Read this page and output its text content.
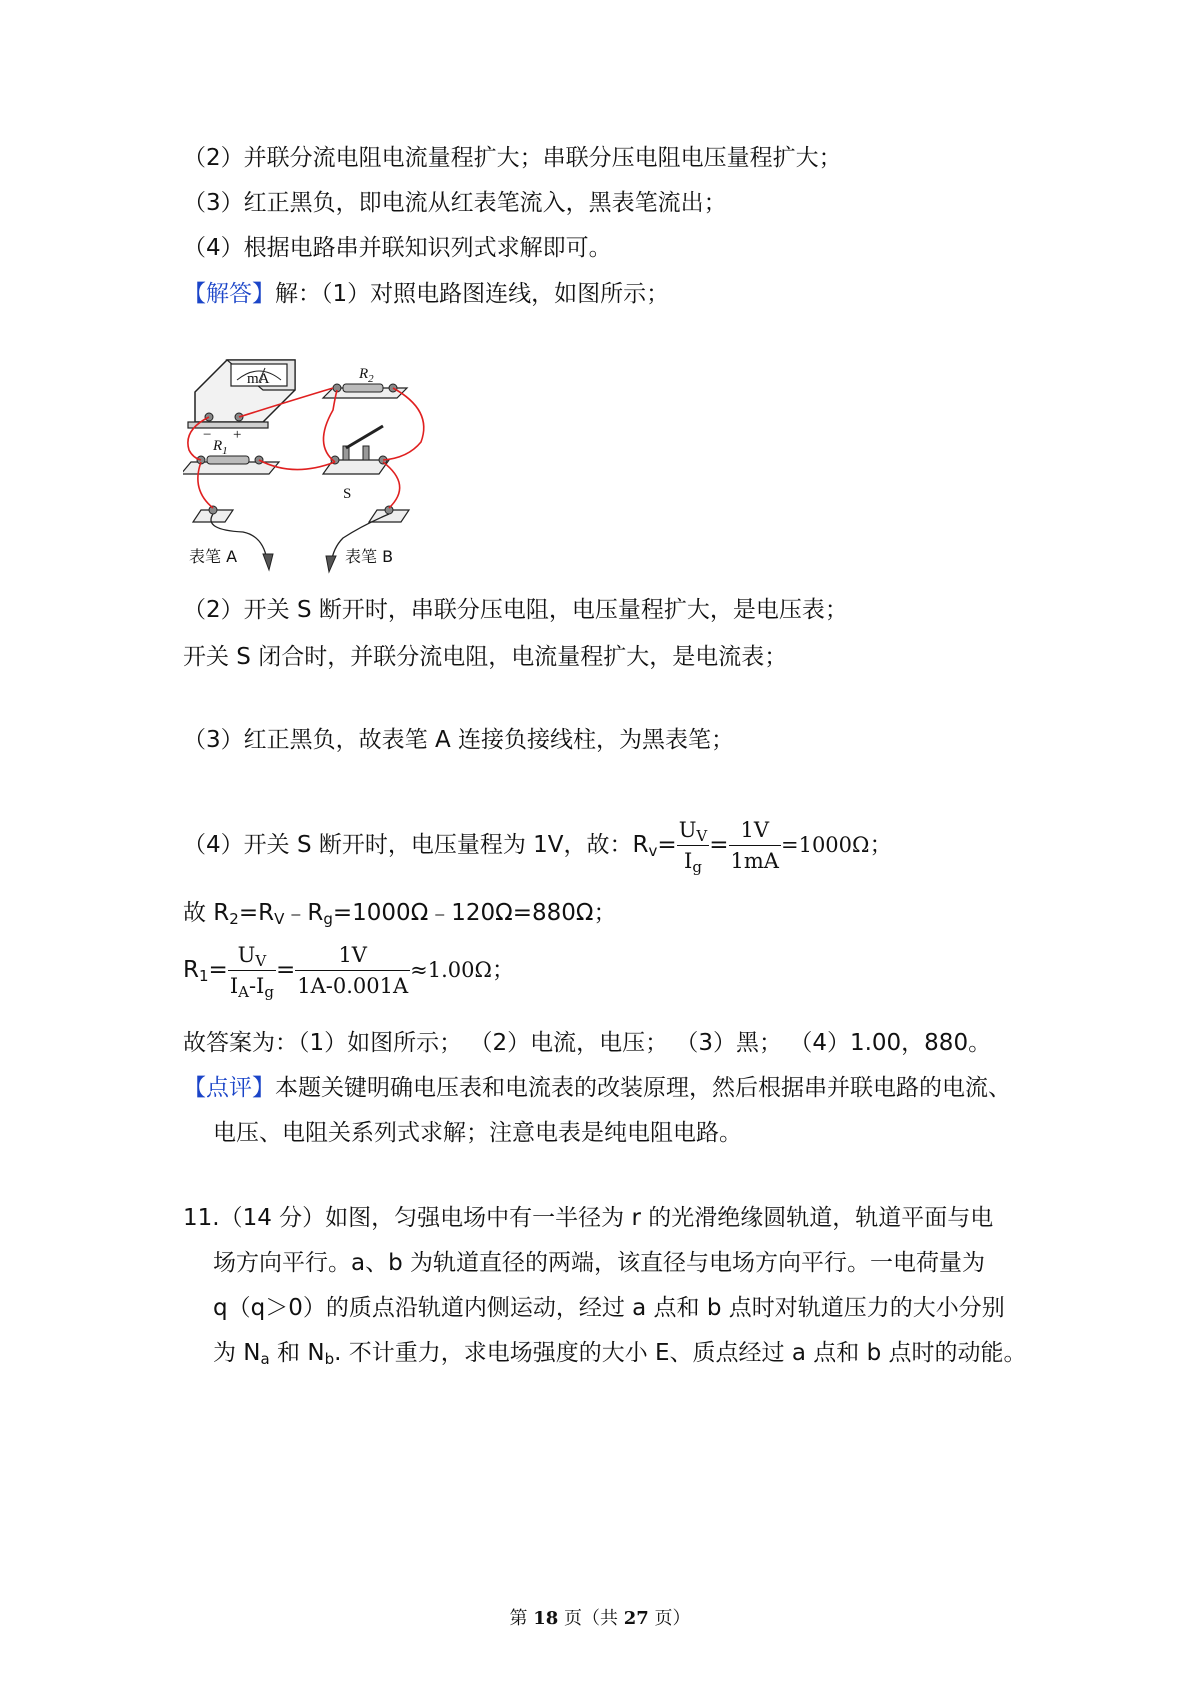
（2）并联分流电阻电流量程扩大；串联分压电阻电压量程扩大；
（3）红正黑负，即电流从红表笔流入，黑表笔流出；
（4）根据电路串并联知识列式求解即可。
【解答】解：（1）对照电路图连线，如图所示；
mA
− +
$R_2$
$R_1$
S
表笔 A	表笔 B
（2）开关 S 断开时，串联分压电阻，电压量程扩大，是电压表；
开关 S 闭合时，并联分流电阻，电流量程扩大，是电流表；
（3）红正黑负，故表笔 A 连接负接线柱，为黑表笔；
（4）开关 S 断开时，电压量程为 1V，故：$R_v= \frac{U_V}{I_g} = \frac{1V}{1mA} =1000\Omega$；
故 $R_2=R_V﹣R_g=1000\Omega﹣120\Omega=880\Omega$；
$R_1= \frac{U_V}{I_A-I_g} = \frac{1V}{1A-0.001A} \approx 1.00\Omega$；
故答案为：（1）如图所示； （2）电流，电压； （3）黑； （4）1.00，880。
【点评】本题关键明确电压表和电流表的改装原理，然后根据串并联电路的电流、
电压、电阻关系列式求解；注意电表是纯电阻电路。
11.（14 分）如图，匀强电场中有一半径为 r 的光滑绝缘圆轨道，轨道平面与电
场方向平行。a、b 为轨道直径的两端，该直径与电场方向平行。一电荷量为
q（q＞0）的质点沿轨道内侧运动，经过 a 点和 b 点时对轨道压力的大小分别
为 $N_a$ 和 $N_b$. 不计重力，求电场强度的大小 E、质点经过 a 点和 b 点时的动能。
第 18 页（共 27 页）
